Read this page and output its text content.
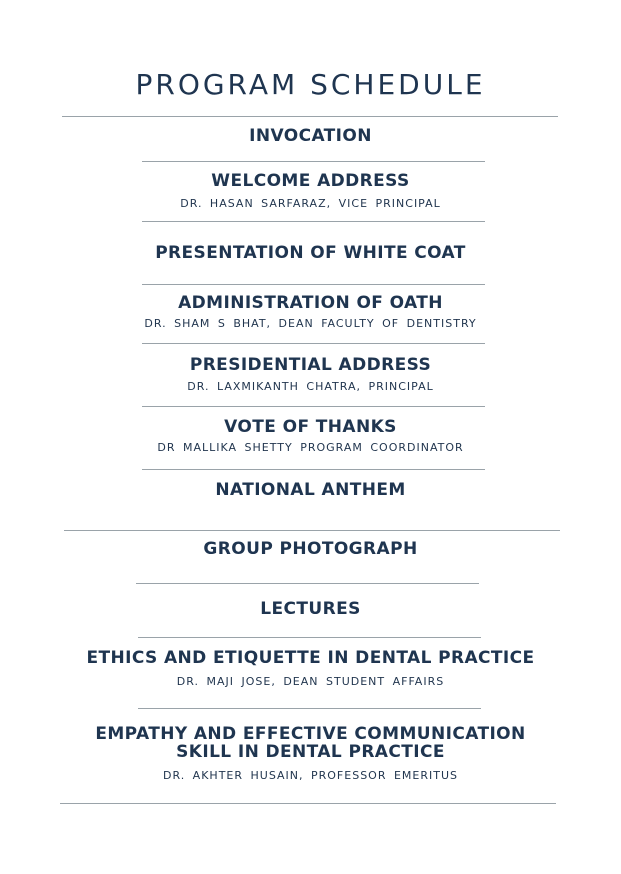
PROGRAM SCHEDULE
INVOCATION
WELCOME ADDRESS
DR. HASAN SARFARAZ, VICE PRINCIPAL
PRESENTATION OF WHITE COAT
ADMINISTRATION OF OATH
DR. SHAM S BHAT, DEAN FACULTY OF DENTISTRY
PRESIDENTIAL ADDRESS
DR. LAXMIKANTH CHATRA, PRINCIPAL
VOTE OF THANKS
DR MALLIKA SHETTY PROGRAM COORDINATOR
NATIONAL ANTHEM
GROUP PHOTOGRAPH
LECTURES
ETHICS AND ETIQUETTE IN DENTAL PRACTICE
DR. MAJI JOSE, DEAN STUDENT AFFAIRS
EMPATHY AND EFFECTIVE COMMUNICATION
SKILL IN DENTAL PRACTICE
DR. AKHTER HUSAIN, PROFESSOR EMERITUS
